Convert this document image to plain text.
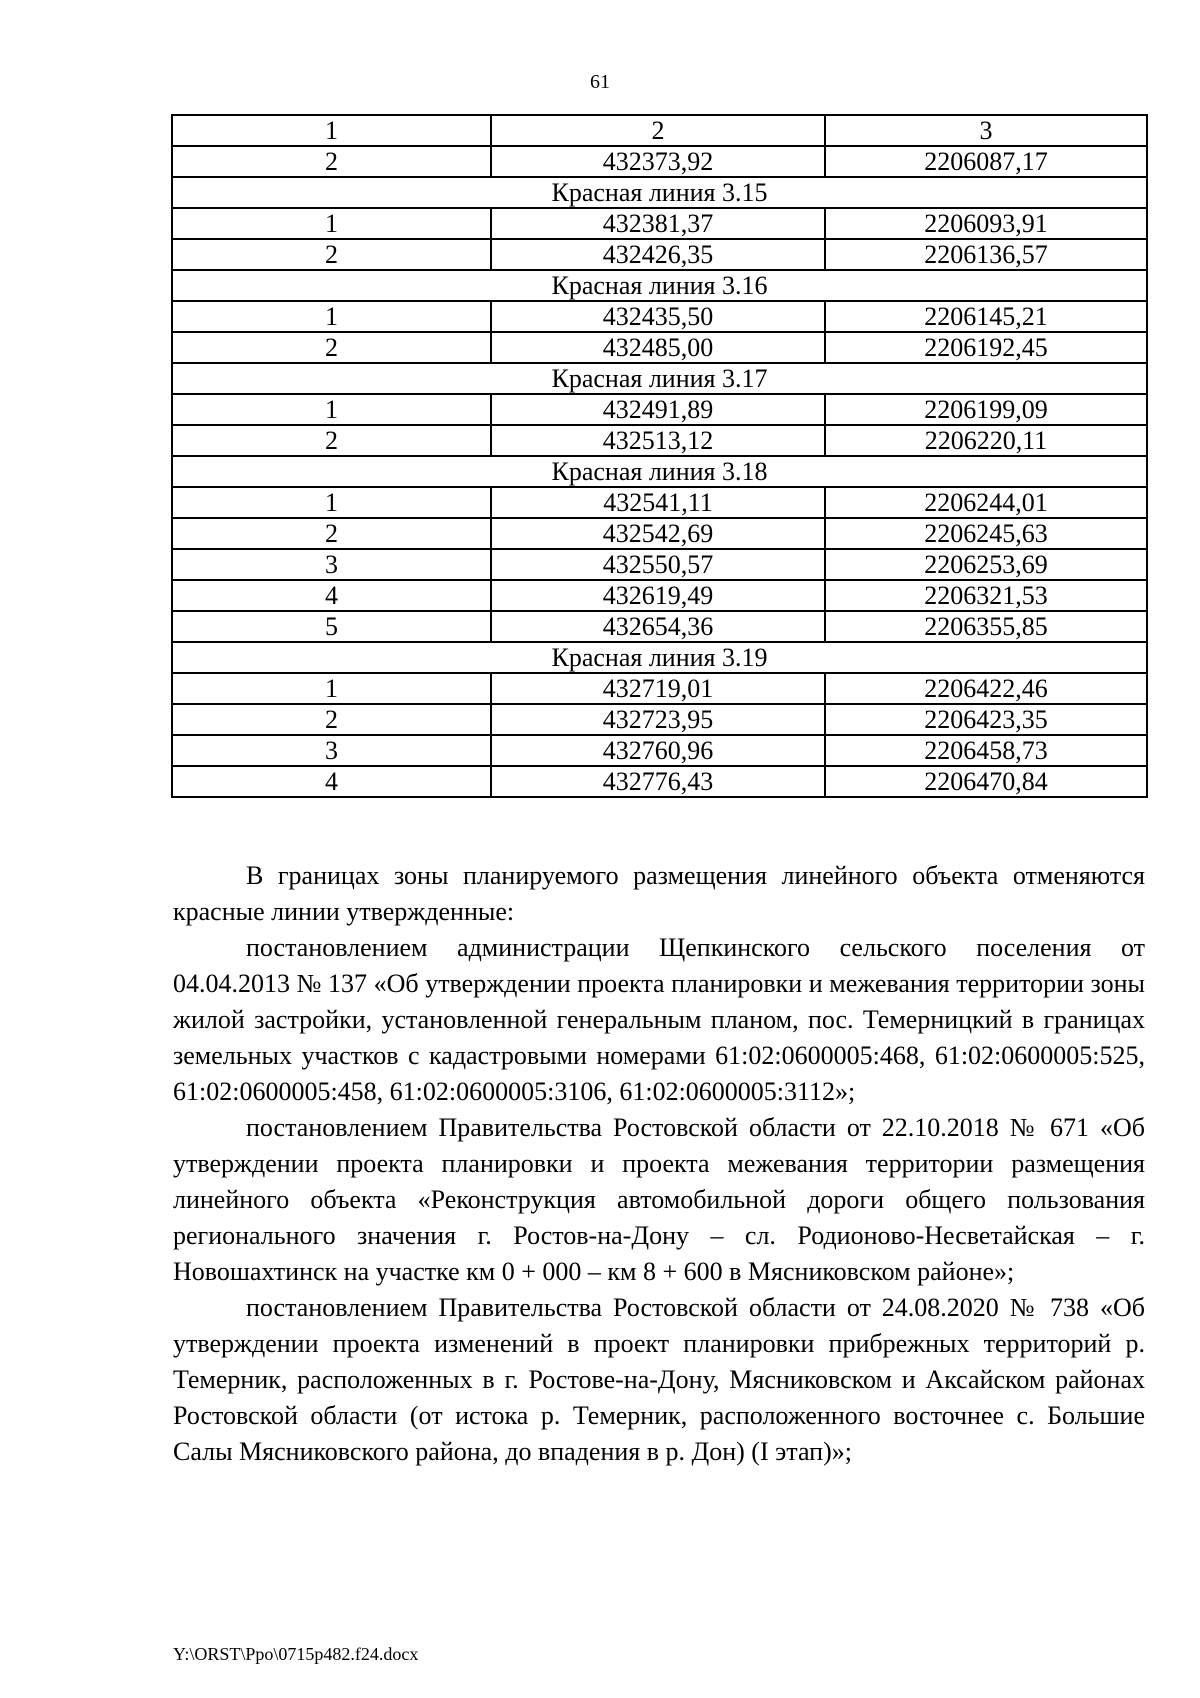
61
1	2	3
2	432373,92	2206087,17
Красная линия 3.15		
1	432381,37	2206093,91
2	432426,35	2206136,57
Красная линия 3.16		
1	432435,50	2206145,21
2	432485,00	2206192,45
Красная линия 3.17		
1	432491,89	2206199,09
2	432513,12	2206220,11
Красная линия 3.18		
1	432541,11	2206244,01
2	432542,69	2206245,63
3	432550,57	2206253,69
4	432619,49	2206321,53
5	432654,36	2206355,85
Красная линия 3.19		
1	432719,01	2206422,46
2	432723,95	2206423,35
3	432760,96	2206458,73
4	432776,43	2206470,84

В границах зоны планируемого размещения линейного объекта отменяются красные линии утвержденные:

постановлением администрации Щепкинского сельского поселения от 04.04.2013 № 137 «Об утверждении проекта планировки и межевания территории зоны жилой застройки, установленной генеральным планом, пос. Темерницкий в границах земельных участков с кадастровыми номерами 61:02:0600005:468, 61:02:0600005:525, 61:02:0600005:458, 61:02:0600005:3106, 61:02:0600005:3112»;

постановлением Правительства Ростовской области от 22.10.2018 № 671 «Об утверждении проекта планировки и проекта межевания территории размещения линейного объекта «Реконструкция автомобильной дороги общего пользования регионального значения г. Ростов-на-Дону – сл. Родионово-Несветайская – г. Новошахтинск на участке км 0 + 000 – км 8 + 600 в Мясниковском районе»;

постановлением Правительства Ростовской области от 24.08.2020 № 738 «Об утверждении проекта изменений в проект планировки прибрежных территорий р. Темерник, расположенных в г. Ростове-на-Дону, Мясниковском и Аксайском районах Ростовской области (от истока р. Темерник, расположенного восточнее с. Большие Салы Мясниковского района, до впадения в р. Дон) (I этап)»;

Y:\ORST\Ppo\0715p482.f24.docx
